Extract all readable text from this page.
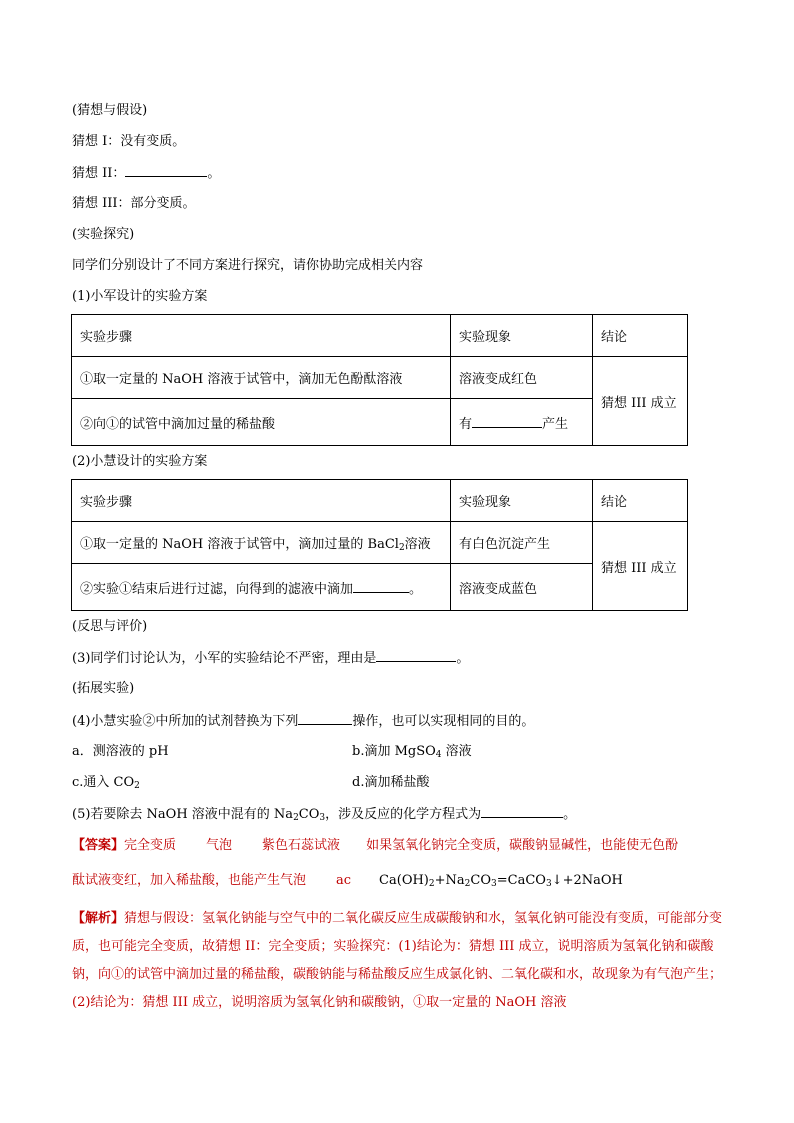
(猜想与假设)
猜想 I：没有变质。
猜想 II：	。
猜想 III：部分变质。
(实验探究)
同学们分别设计了不同方案进行探究，请你协助完成相关内容
(1)小军设计的实验方案
实验步骤	实验现象	结论
①取一定量的 NaOH 溶液于试管中，滴加无色酚酞溶液	溶液变成红色	猜想 III 成立
②向①的试管中滴加过量的稀盐酸	有 产生	
(2)小慧设计的实验方案
实验步骤	实验现象	结论
①取一定量的 NaOH 溶液于试管中，滴加过量的 BaCl$_2$溶液	有白色沉淀产生	猜想 III 成立
②实验①结束后进行过滤，向得到的滤液中滴加 。	溶液变成蓝色	
(反思与评价)
(3)同学们讨论认为，小军的实验结论不严密，理由是	。
(拓展实验)
(4)小慧实验②中所加的试剂替换为下列	操作，也可以实现相同的目的。
a．测溶液的 pH	b.滴加 MgSO$_4$ 溶液
c.通入 $CO_2$	d.滴加稀盐酸
(5)若要除去 NaOH 溶液中混有的 $Na_2CO_3$，涉及反应的化学方程式为	。
【答案】完全变质 气泡 紫色石蕊试液 如果氢氧化钠完全变质，碳酸钠显碱性，也能使无色酚
酞试液变红，加入稀盐酸，也能产生气泡 ac $Ca(OH)_2+Na_2CO_3=CaCO_3↓+2NaOH$
【解析】猜想与假设：氢氧化钠能与空气中的二氧化碳反应生成碳酸钠和水，氢氧化钠可能没有变质，可能部分变质，也可能完全变质，故猜想 II：完全变质；实验探究：(1)结论为：猜想 III 成立，说明溶质为氢氧化钠和碳酸钠，向①的试管中滴加过量的稀盐酸，碳酸钠能与稀盐酸反应生成氯化钠、二氧化碳和水，故现象为有气泡产生；(2)结论为：猜想 III 成立，说明溶质为氢氧化钠和碳酸钠，①取一定量的 NaOH 溶液
